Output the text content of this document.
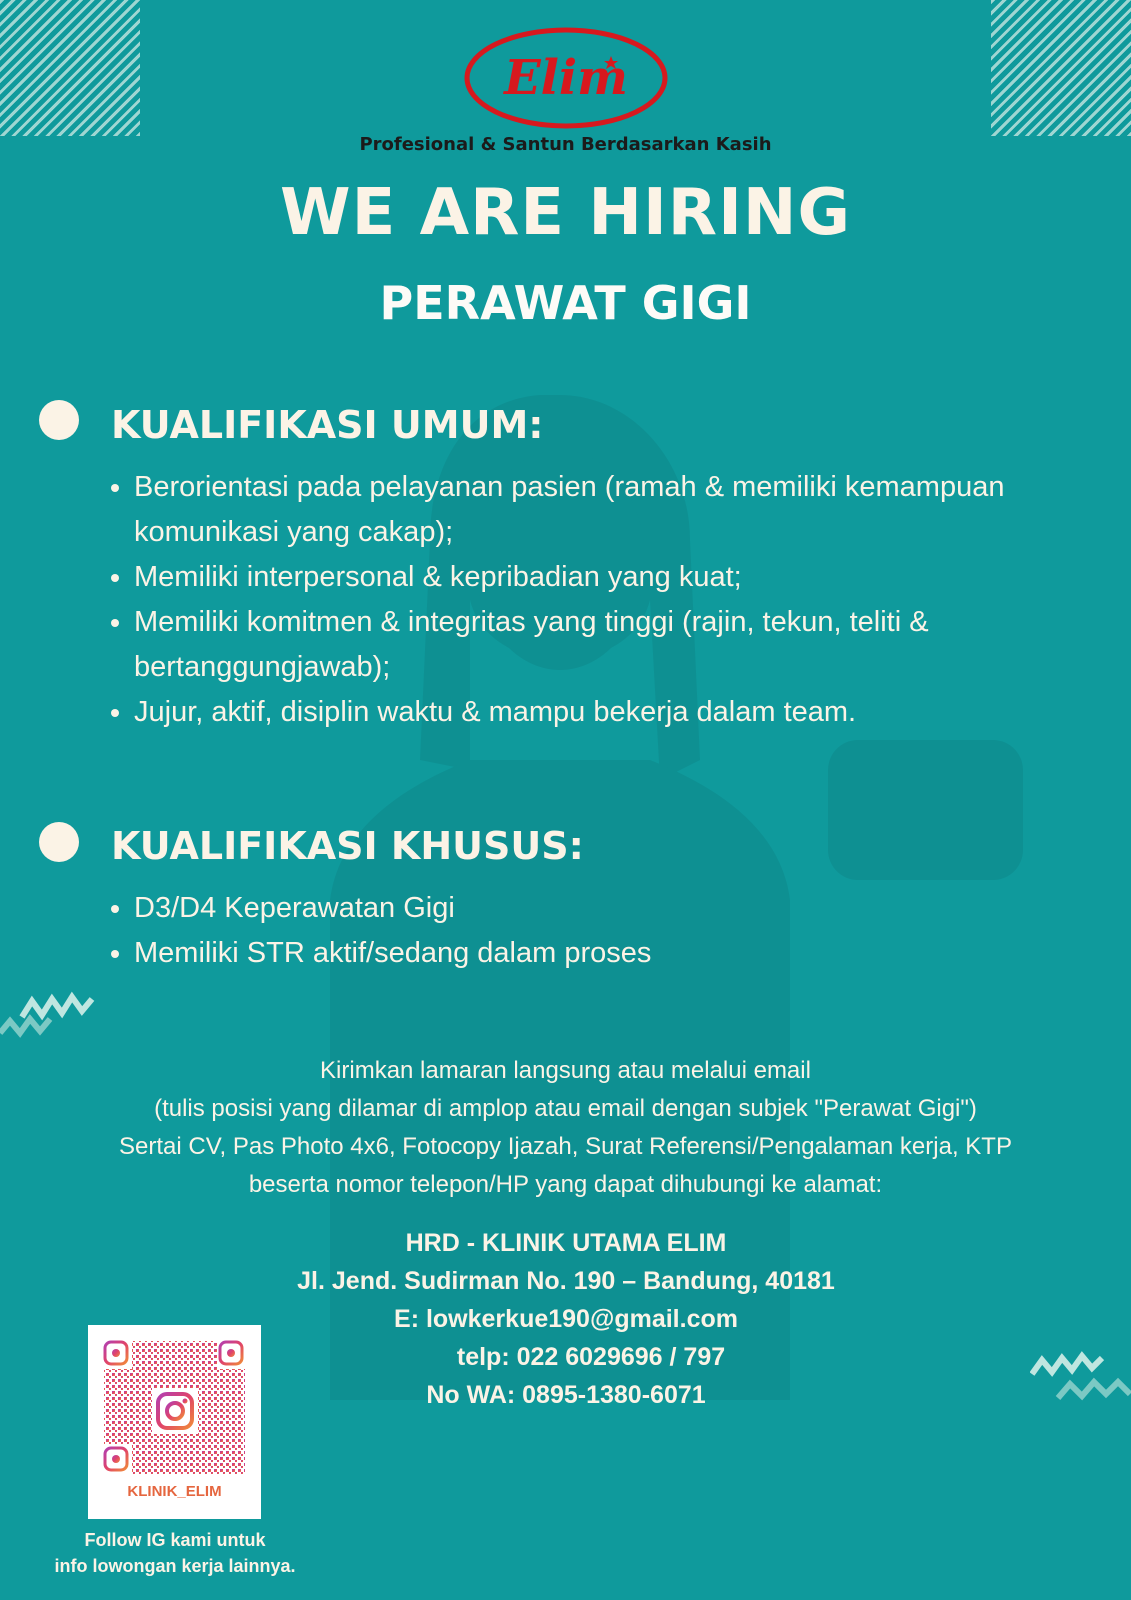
Elim
Profesional & Santun Berdasarkan Kasih
WE ARE HIRING
PERAWAT GIGI
KUALIFIKASI UMUM:
• Berorientasi pada pelayanan pasien (ramah & memiliki kemampuan komunikasi yang cakap);
• Memiliki interpersonal & kepribadian yang kuat;
• Memiliki komitmen & integritas yang tinggi (rajin, tekun, teliti & bertanggungjawab);
• Jujur, aktif, disiplin waktu & mampu bekerja dalam team.
KUALIFIKASI KHUSUS:
• D3/D4 Keperawatan Gigi
• Memiliki STR aktif/sedang dalam proses
Kirimkan lamaran langsung atau melalui email
(tulis posisi yang dilamar di amplop atau email dengan subjek "Perawat Gigi")
Sertai CV, Pas Photo 4x6, Fotocopy Ijazah, Surat Referensi/Pengalaman kerja, KTP
beserta nomor telepon/HP yang dapat dihubungi ke alamat:
HRD - KLINIK UTAMA ELIM
Jl. Jend. Sudirman No. 190 – Bandung, 40181
E: lowkerkue190@gmail.com
telp: 022 6029696 / 797
No WA: 0895-1380-6071
KLINIK_ELIM
Follow IG kami untuk
info lowongan kerja lainnya.
